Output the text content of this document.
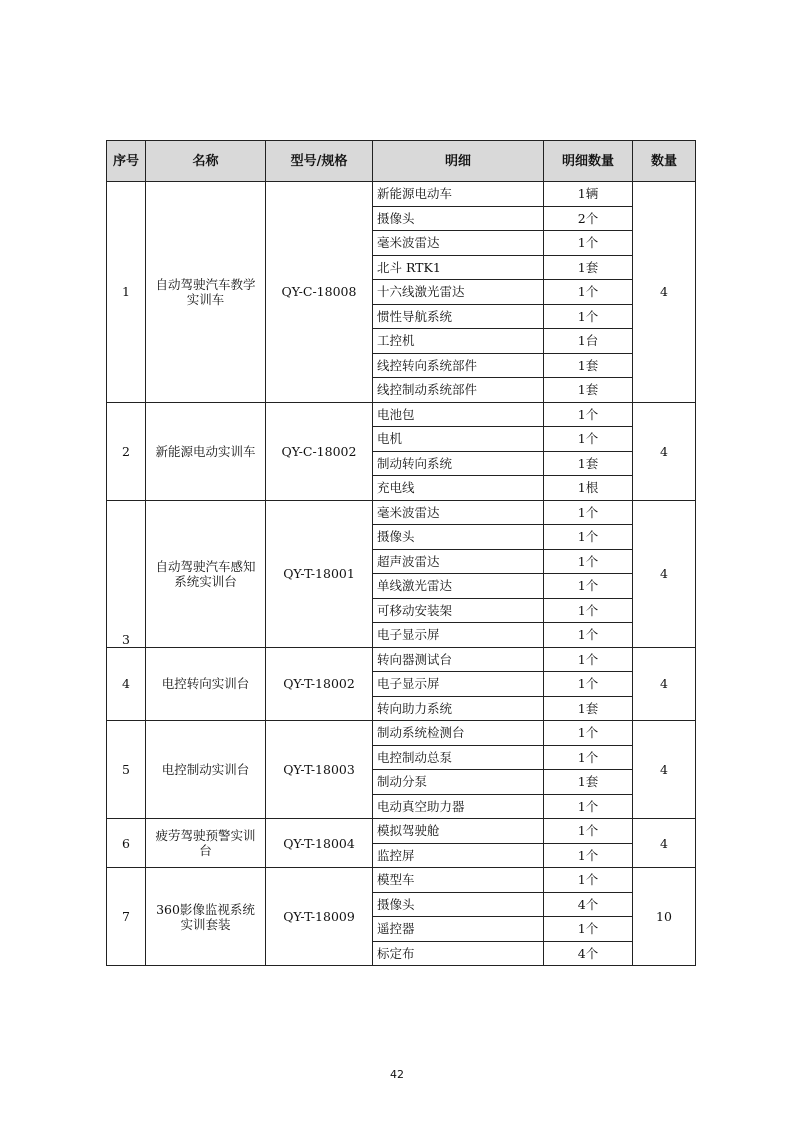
序号	名称	型号/规格	明细	明细数量	数量
1	自动驾驶汽车教学实训车	QY-C-18008	新能源电动车	1辆	4
			摄像头	2个	
			毫米波雷达	1个	
			北斗 RTK1	1套	
			十六线激光雷达	1个	
			惯性导航系统	1个	
			工控机	1台	
			线控转向系统部件	1套	
			线控制动系统部件	1套	
2	新能源电动实训车	QY-C-18002	电池包	1个	4
			电机	1个	
			制动转向系统	1套	
			充电线	1根	
3	自动驾驶汽车感知系统实训台	QY-T-18001	毫米波雷达	1个	4
			摄像头	1个	
			超声波雷达	1个	
			单线激光雷达	1个	
			可移动安装架	1个	
			电子显示屏	1个	
4	电控转向实训台	QY-T-18002	转向器测试台	1个	4
			电子显示屏	1个	
			转向助力系统	1套	
5	电控制动实训台	QY-T-18003	制动系统检测台	1个	4
			电控制动总泵	1个	
			制动分泵	1套	
			电动真空助力器	1个	
6	疲劳驾驶预警实训台	QY-T-18004	模拟驾驶舱	1个	4
			监控屏	1个	
7	360影像监视系统实训套装	QY-T-18009	模型车	1个	10
			摄像头	4个	
			遥控器	1个	
			标定布	4个	
42
